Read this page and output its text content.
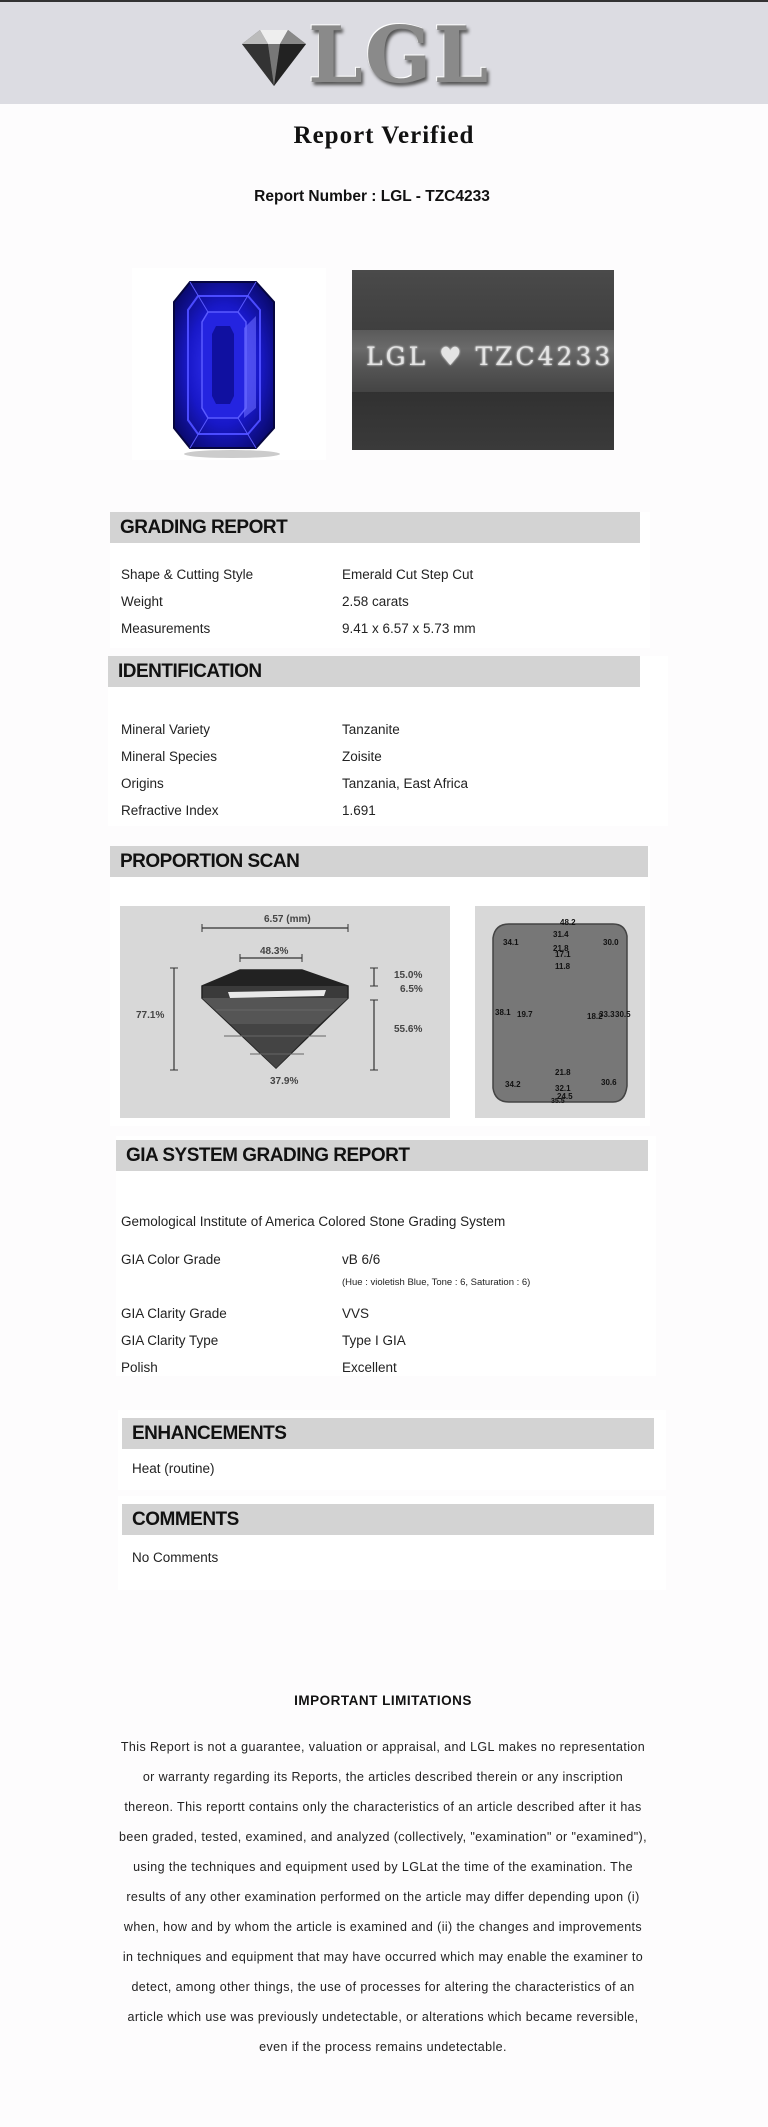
LGL
Report Verified
Report Number : LGL - TZC4233
LGL ♥ TZC4233
GRADING REPORT
Shape & Cutting Style	Emerald Cut Step Cut
Weight	2.58 carats
Measurements	9.41 x 6.57 x 5.73 mm
IDENTIFICATION
Mineral Variety	Tanzanite
Mineral Species	Zoisite
Origins	Tanzania, East Africa
Refractive Index	1.691
PROPORTION SCAN
6.57 (mm)
48.3%
77.1%
15.0%
6.5%
55.6%
37.9%
48.2
31.4
21.8
17.1
11.8
34.1	30.0
38.1 19.7	18.2
33.3 30.5
21.8
32.1
34.2	30.6
24.5
35.5
GIA SYSTEM GRADING REPORT
Gemological Institute of America Colored Stone Grading System
GIA Color Grade	vB 6/6
(Hue : violetish Blue, Tone : 6, Saturation : 6)
GIA Clarity Grade	VVS
GIA Clarity Type	Type I GIA
Polish	Excellent
ENHANCEMENTS
Heat (routine)
COMMENTS
No Comments
IMPORTANT LIMITATIONS
This Report is not a guarantee, valuation or appraisal, and LGL makes no representation or warranty regarding its Reports, the articles described therein or any inscription thereon. This reportt contains only the characteristics of an article described after it has been graded, tested, examined, and analyzed (collectively, "examination" or "examined"), using the techniques and equipment used by LGLat the time of the examination. The results of any other examination performed on the article may differ depending upon (i) when, how and by whom the article is examined and (ii) the changes and improvements in techniques and equipment that may have occurred which may enable the examiner to detect, among other things, the use of processes for altering the characteristics of an article which use was previously undetectable, or alterations which became reversible, even if the process remains undetectable.
